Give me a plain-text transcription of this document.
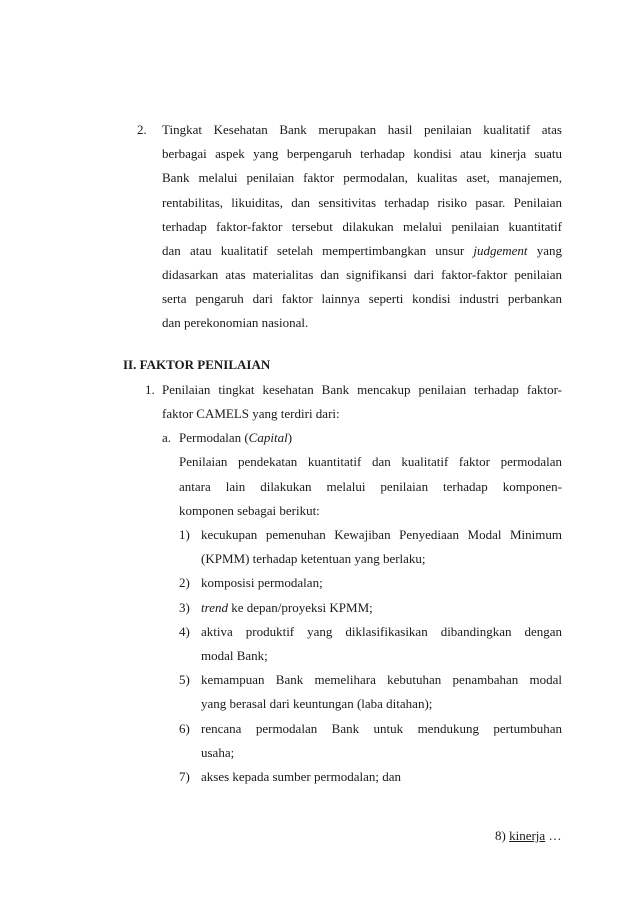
2. Tingkat Kesehatan Bank merupakan hasil penilaian kualitatif atas
berbagai aspek yang berpengaruh terhadap kondisi atau kinerja suatu
Bank melalui penilaian faktor permodalan, kualitas aset, manajemen,
rentabilitas, likuiditas, dan sensitivitas terhadap risiko pasar. Penilaian
terhadap faktor-faktor tersebut dilakukan melalui penilaian kuantitatif
dan atau kualitatif setelah mempertimbangkan unsur judgement yang
didasarkan atas materialitas dan signifikansi dari faktor-faktor penilaian
serta pengaruh dari faktor lainnya seperti kondisi industri perbankan
dan perekonomian nasional.
II. FAKTOR PENILAIAN
1. Penilaian tingkat kesehatan Bank mencakup penilaian terhadap faktor-
faktor CAMELS yang terdiri dari:
a. Permodalan (Capital)
Penilaian pendekatan kuantitatif dan kualitatif faktor permodalan
antara lain dilakukan melalui penilaian terhadap komponen-
komponen sebagai berikut:
1) kecukupan pemenuhan Kewajiban Penyediaan Modal Minimum
(KPMM) terhadap ketentuan yang berlaku;
2) komposisi permodalan;
3) trend ke depan/proyeksi KPMM;
4) aktiva produktif yang diklasifikasikan dibandingkan dengan
modal Bank;
5) kemampuan Bank memelihara kebutuhan penambahan modal
yang berasal dari keuntungan (laba ditahan);
6) rencana permodalan Bank untuk mendukung pertumbuhan
usaha;
7) akses kepada sumber permodalan; dan
8) kinerja …
